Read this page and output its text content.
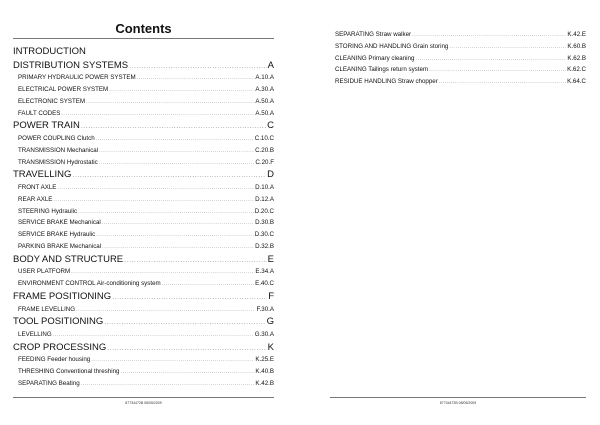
Contents
INTRODUCTION
DISTRIBUTION SYSTEMS .....	A
PRIMARY HYDRAULIC POWER SYSTEM .....	A.10.A
ELECTRICAL POWER SYSTEM .....	A.30.A
ELECTRONIC SYSTEM .....	A.50.A
FAULT CODES .....	A.50.A
POWER TRAIN .....	C
POWER COUPLING Clutch .....	C.10.C
TRANSMISSION Mechanical .....	C.20.B
TRANSMISSION Hydrostatic .....	C.20.F
TRAVELLING .....	D
FRONT AXLE .....	D.10.A
REAR AXLE .....	D.12.A
STEERING Hydraulic .....	D.20.C
SERVICE BRAKE Mechanical .....	D.30.B
SERVICE BRAKE Hydraulic .....	D.30.C
PARKING BRAKE Mechanical .....	D.32.B
BODY AND STRUCTURE .....	E
USER PLATFORM .....	E.34.A
ENVIRONMENT CONTROL Air-conditioning system .....	E.40.C
FRAME POSITIONING .....	F
FRAME LEVELLING .....	F.30.A
TOOL POSITIONING .....	G
LEVELLING .....	G.30.A
CROP PROCESSING .....	K
FEEDING Feeder housing .....	K.25.E
THRESHING Conventional threshing .....	K.40.B
SEPARATING Beating .....	K.42.B
87734472B 08/05/2009
SEPARATING Straw walker .....	K.42.E
STORING AND HANDLING Grain storing .....	K.60.B
CLEANING Primary cleaning .....	K.62.B
CLEANING Tailings return system .....	K.62.C
RESIDUE HANDLING Straw chopper .....	K.64.C
87734472B 08/05/2009
